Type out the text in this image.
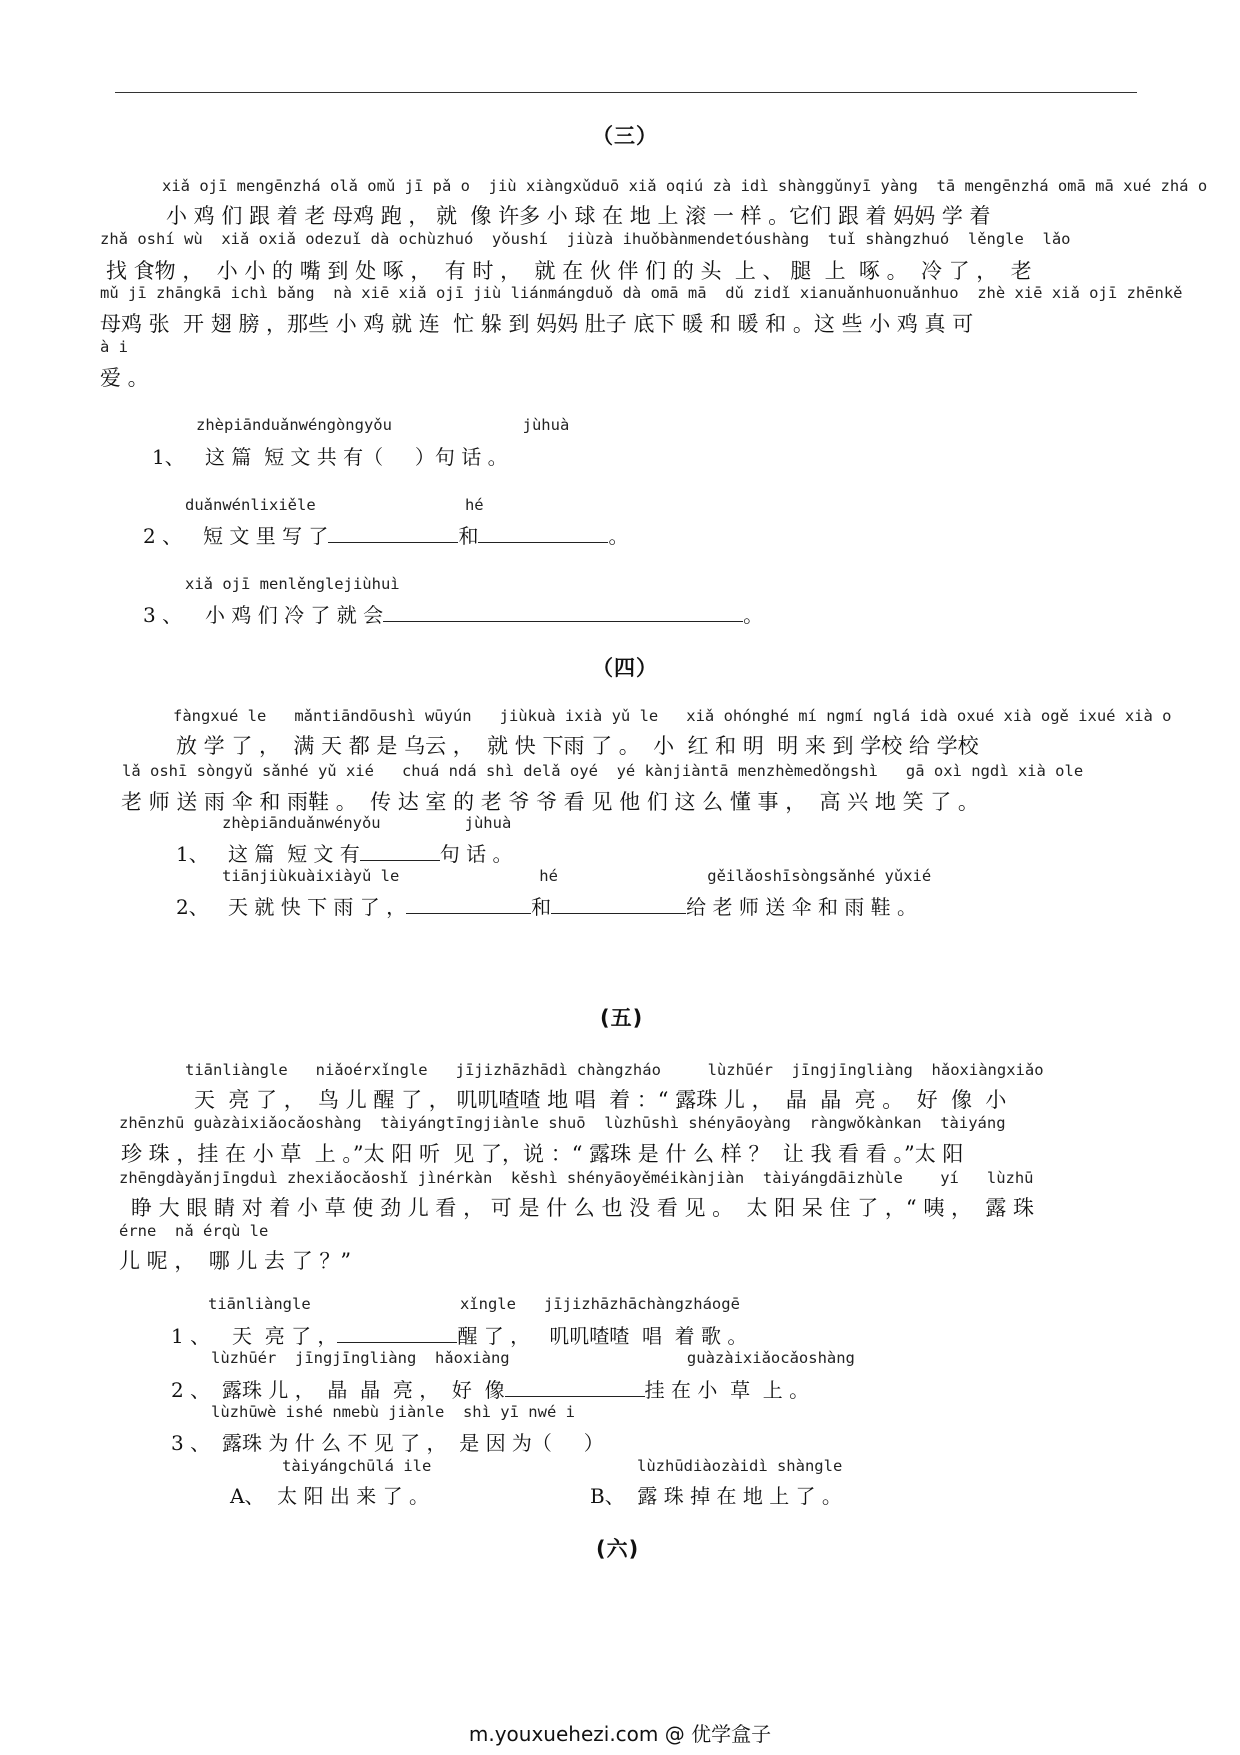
（三）
xiǎ ojī mengēnzhá olǎ omǔ jī pǎ o  jiù xiàngxǔduō xiǎ oqiú zà idì shànggǔnyī yàng  tā mengēnzhá omā mā xué zhá o
小 鸡 们 跟 着 老 母鸡 跑 ， 就  像 许多 小 球 在 地 上 滚 一 样 。它们 跟 着 妈妈 学 着
zhǎ oshí wù  xiǎ oxiǎ odezuǐ dà ochùzhuó  yǒushí  jiùzà ihuǒbànmendetóushàng  tuǐ shàngzhuó  lěngle  lǎo
找 食物 ，  小 小 的 嘴 到 处 啄 ，  有 时 ，  就 在 伙 伴 们 的 头  上 、 腿  上  啄 。  冷 了 ，  老
mǔ jī zhāngkā ichì bǎng  nà xiē xiǎ ojī jiù liánmángduǒ dà omā mā  dǔ zidǐ xianuǎnhuonuǎnhuo  zhè xiē xiǎ ojī zhēnkě
母鸡 张  开 翅 膀 ，那些 小 鸡 就 连  忙 躲 到 妈妈 肚子 底下 暖 和 暖 和 。这 些 小 鸡 真 可
à i
爱 。
zhèpiānduǎnwéngòngyǒu              jùhuà
1、 这 篇  短 文 共 有（     ）句 话 。
duǎnwénlixiěle                hé
2 、 短 文 里 写 了	和	。
xiǎ ojī menlěnglejiùhuì
3 、 小 鸡 们 冷 了 就 会	。
（四）
fàngxué le   mǎntiāndōushì wūyún   jiùkuà ixià yǔ le   xiǎ ohónghé mí ngmí nglá idà oxué xià ogě ixué xià o
放 学 了 ，  满 天 都 是 乌云 ，  就 快 下雨 了 。  小  红 和 明  明 来 到 学校 给 学校
lǎ oshī sòngyǔ sǎnhé yǔ xié   chuá ndá shì delǎ oyé  yé kànjiàntā menzhèmedǒngshì   gā oxì ngdì xià ole
老 师 送 雨 伞 和 雨鞋 。  传 达 室 的 老 爷 爷 看 见 他 们 这 么 懂 事 ，  高 兴 地 笑 了 。
zhèpiānduǎnwényǒu         jùhuà
1、 这 篇  短 文 有	句 话 。
tiānjiùkuàixiàyǔ le               hé                gěilǎoshīsòngsǎnhé yǔxié
2、 天 就 快 下 雨 了 ，	和	给 老 师 送 伞 和 雨 鞋 。
(五)
tiānliàngle   niǎoérxǐngle   jījizhāzhādì chàngzháo     lùzhūér  jīngjīngliàng  hǎoxiàngxiǎo
天  亮 了 ，  鸟 儿 醒 了 ， 叽叽喳喳 地 唱  着 ：“ 露珠 儿 ，  晶  晶  亮 。  好  像  小
zhēnzhū guàzàixiǎocǎoshàng  tàiyángtīngjiànle shuō  lùzhūshì shényāoyàng  ràngwǒkànkan  tàiyáng
珍 珠 ，挂 在 小 草  上 。”太 阳 听  见 了，说 ：“ 露珠 是 什 么 样 ？  让 我 看 看 。”太 阳
zhēngdàyǎnjīngduì zhexiǎocǎoshǐ jìnérkàn  kěshì shényāoyěméikànjiàn  tàiyángdāizhùle    yí   lùzhū
睁 大 眼 睛 对 着 小 草 使 劲 儿 看 ， 可 是 什 么 也 没 看 见 。  太 阳 呆 住 了 ，“ 咦 ，  露 珠
érne  nǎ érqù le
儿 呢 ，  哪 儿 去 了 ？”
tiānliàngle                xǐngle   jījizhāzhāchàngzháogē
1 、 天  亮 了 ，	醒 了 ，   叽叽喳喳  唱  着 歌 。
lùzhūér  jīngjīngliàng  hǎoxiàng                   guàzàixiǎocǎoshàng
2 、 露珠 儿 ，  晶  晶  亮 ，  好  像	挂 在 小  草  上 。
lùzhūwè ishé nmebù jiànle  shì yī nwé i
3 、 露珠 为 什 么 不 见 了 ，  是 因 为（     ）
tàiyángchūlá ile	lùzhūdiàozàidì shàngle
A、  太 阳 出 来 了 。	B、  露 珠 掉 在 地 上 了 。
(六)
m.youxuehezi.com @ 优学盒子
